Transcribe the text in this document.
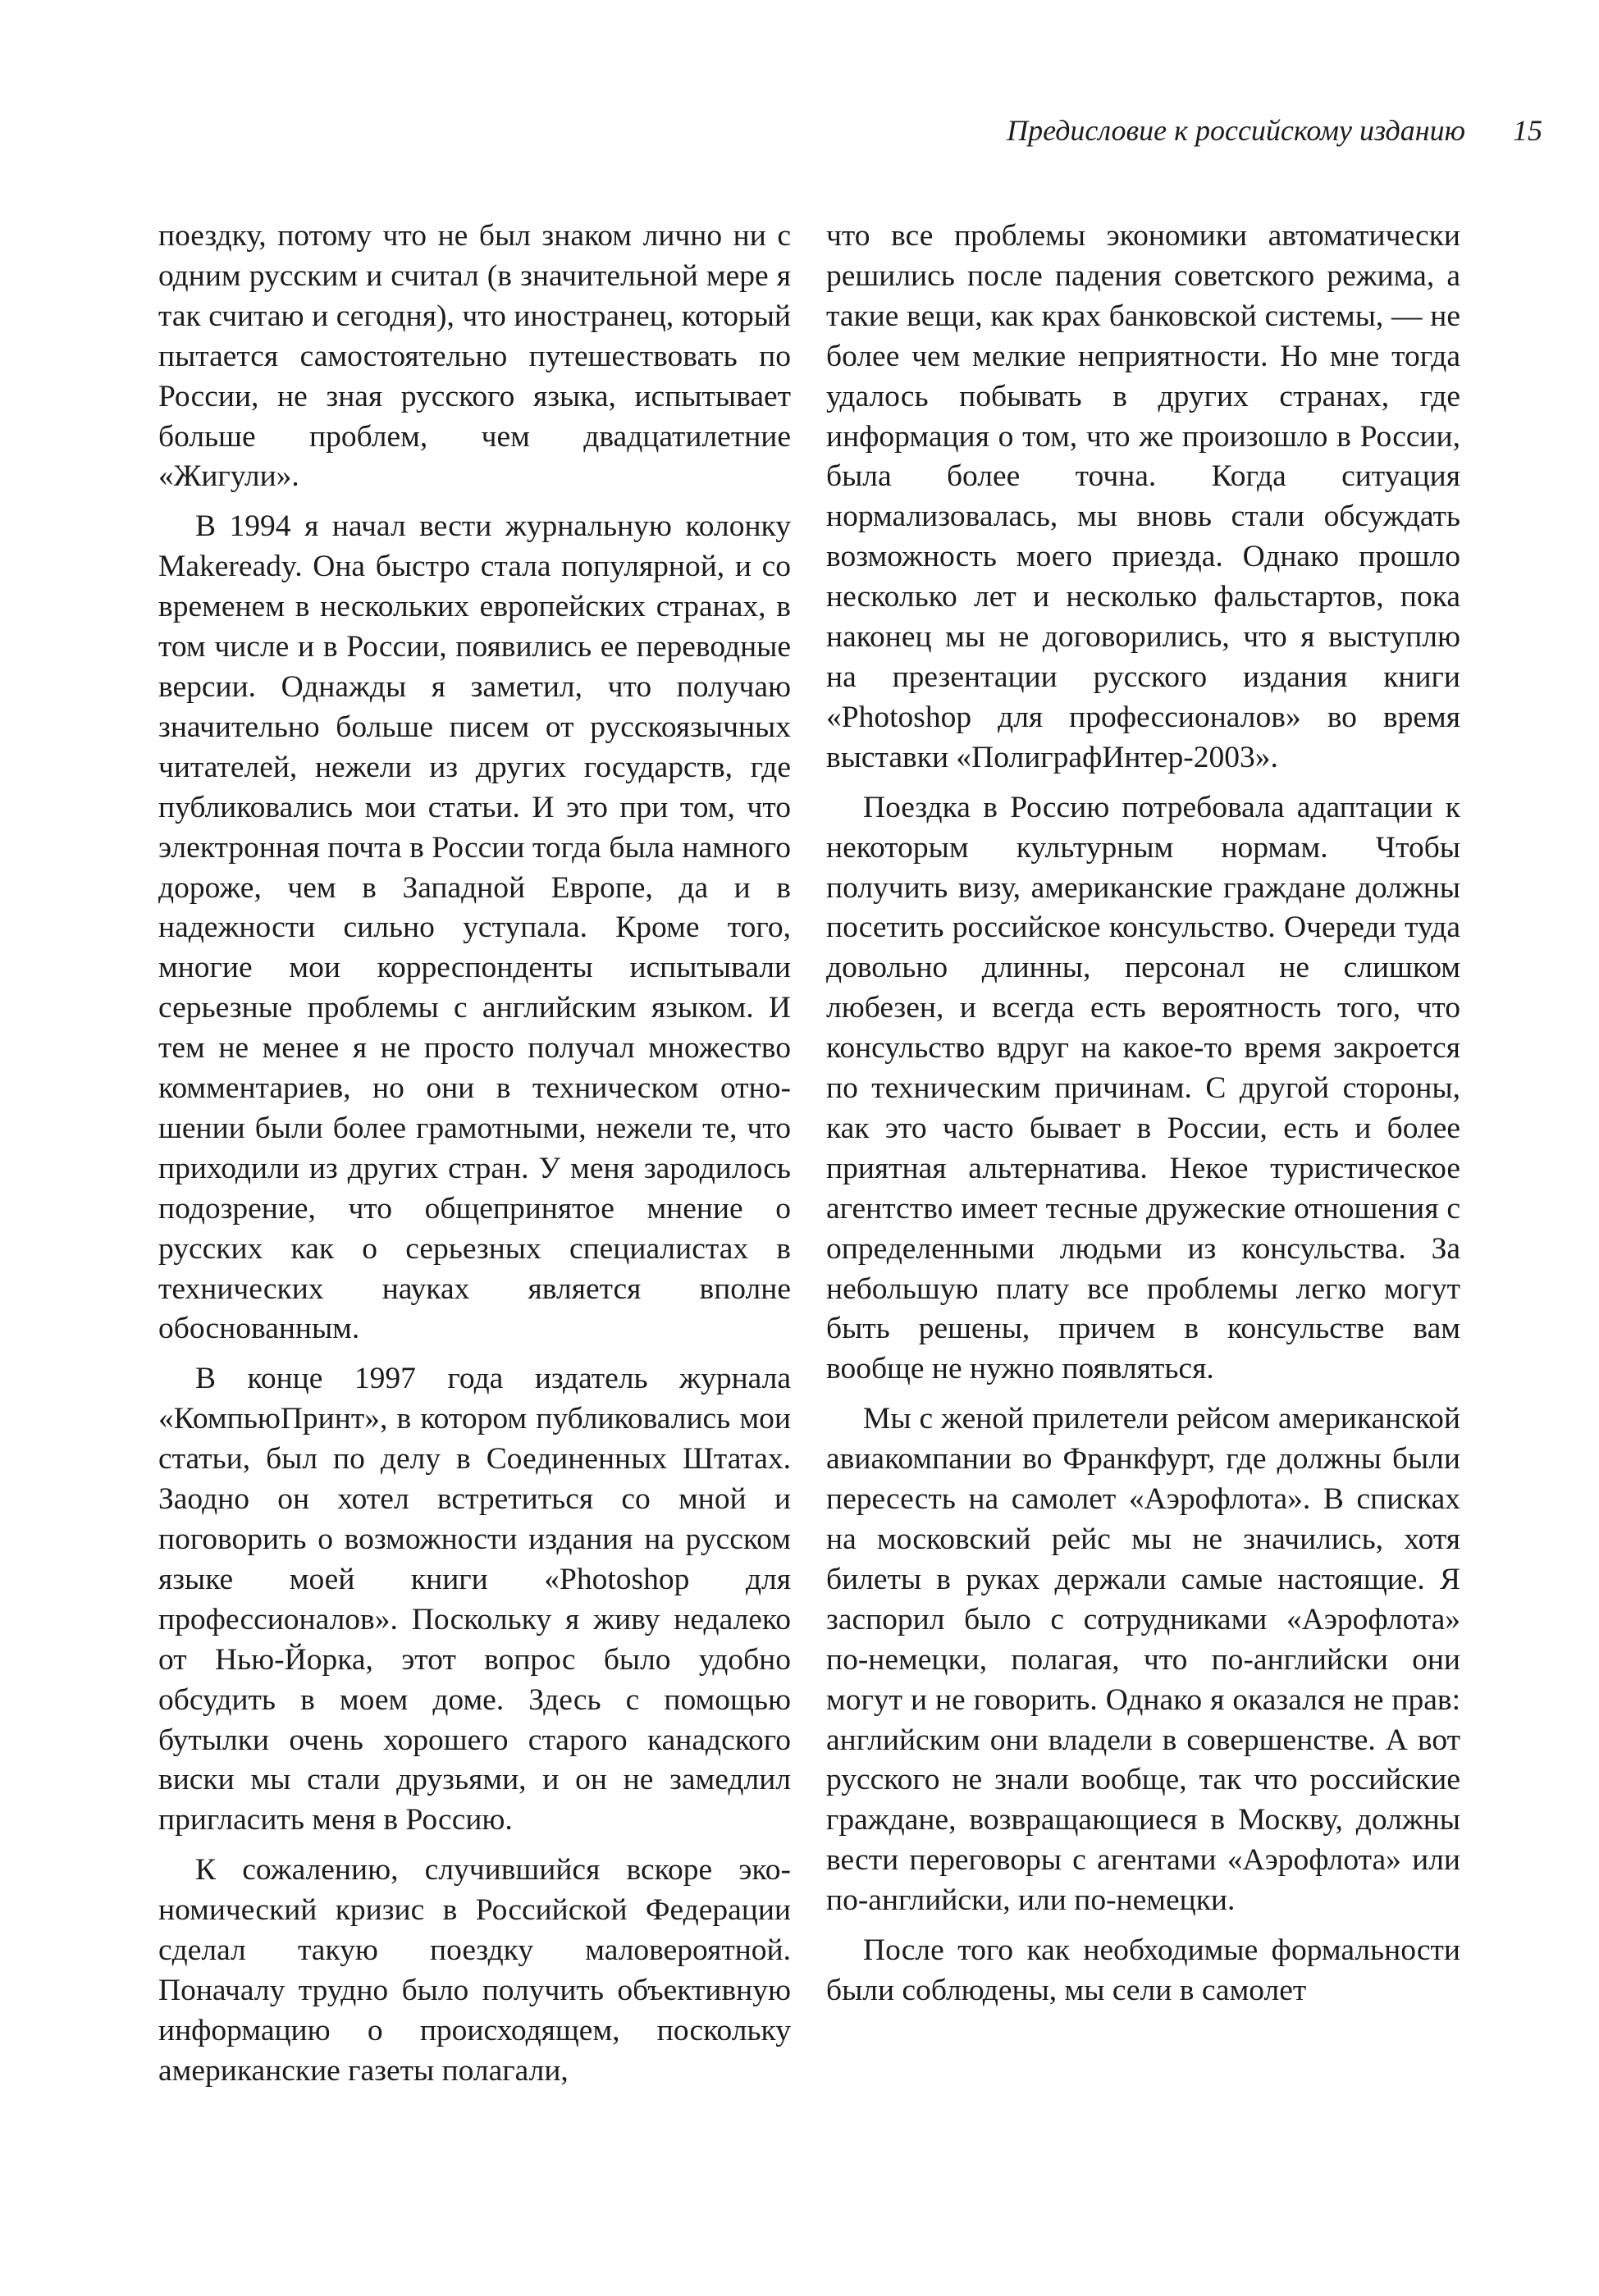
Предисловие к российскому изданию 15

поездку, потому что не был знаком лично ни с одним русским и считал (в значительной мере я так считаю и сегодня), что иностранец, который пытается самостоятельно путешествовать по России, не зная русского языка, испытывает больше проблем, чем двадцатилетние «Жигули».

В 1994 я начал вести журнальную колонку Makeready. Она быстро стала популярной, и со временем в нескольких европейских странах, в том числе и в России, появились ее переводные версии. Однажды я заметил, что получаю значительно больше писем от русскоязычных читателей, нежели из других государств, где публиковались мои статьи. И это при том, что электронная почта в России тогда была намного дороже, чем в Западной Европе, да и в надежности сильно уступала. Кроме того, многие мои корреспонденты испытывали серьезные проблемы с английским языком. И тем не менее я не просто получал множество комментариев, но они в техническом отношении были более грамотными, нежели те, что приходили из других стран. У меня зародилось подозрение, что общепринятое мнение о русских как о серьезных специалистах в технических науках является вполне обоснованным.

В конце 1997 года издатель журнала «КомпьюПринт», в котором публиковались мои статьи, был по делу в Соединенных Штатах. Заодно он хотел встретиться со мной и поговорить о возможности издания на русском языке моей книги «Photoshop для профессионалов». Поскольку я живу недалеко от Нью-Йорка, этот вопрос было удобно обсудить в моем доме. Здесь с помощью бутылки очень хорошего старого канадского виски мы стали друзьями, и он не замедлил пригласить меня в Россию.

К сожалению, случившийся вскоре экономический кризис в Российской Федерации сделал такую поездку маловероятной. Поначалу трудно было получить объективную информацию о происходящем, поскольку американские газеты полагали,

что все проблемы экономики автоматически решились после падения советского режима, а такие вещи, как крах банковской системы, — не более чем мелкие неприятности. Но мне тогда удалось побывать в других странах, где информация о том, что же произошло в России, была более точна. Когда ситуация нормализовалась, мы вновь стали обсуждать возможность моего приезда. Однако прошло несколько лет и несколько фальстартов, пока наконец мы не договорились, что я выступлю на презентации русского издания книги «Photoshop для профессионалов» во время выставки «ПолиграфИнтер-2003».

Поездка в Россию потребовала адаптации к некоторым культурным нормам. Чтобы получить визу, американские граждане должны посетить российское консульство. Очереди туда довольно длинны, персонал не слишком любезен, и всегда есть вероятность того, что консульство вдруг на какое-то время закроется по техническим причинам. С другой стороны, как это часто бывает в России, есть и более приятная альтернатива. Некое туристическое агентство имеет тесные дружеские отношения с определенными людьми из консульства. За небольшую плату все проблемы легко могут быть решены, причем в консульстве вам вообще не нужно появляться.

Мы с женой прилетели рейсом американской авиакомпании во Франкфурт, где должны были пересесть на самолет «Аэрофлота». В списках на московский рейс мы не значились, хотя билеты в руках держали самые настоящие. Я заспорил было с сотрудниками «Аэрофлота» по-немецки, полагая, что по-английски они могут и не говорить. Однако я оказался не прав: английским они владели в совершенстве. А вот русского не знали вообще, так что российские граждане, возвращающиеся в Москву, должны вести переговоры с агентами «Аэрофлота» или по-английски, или по-немецки.

После того как необходимые формальности были соблюдены, мы сели в самолет
